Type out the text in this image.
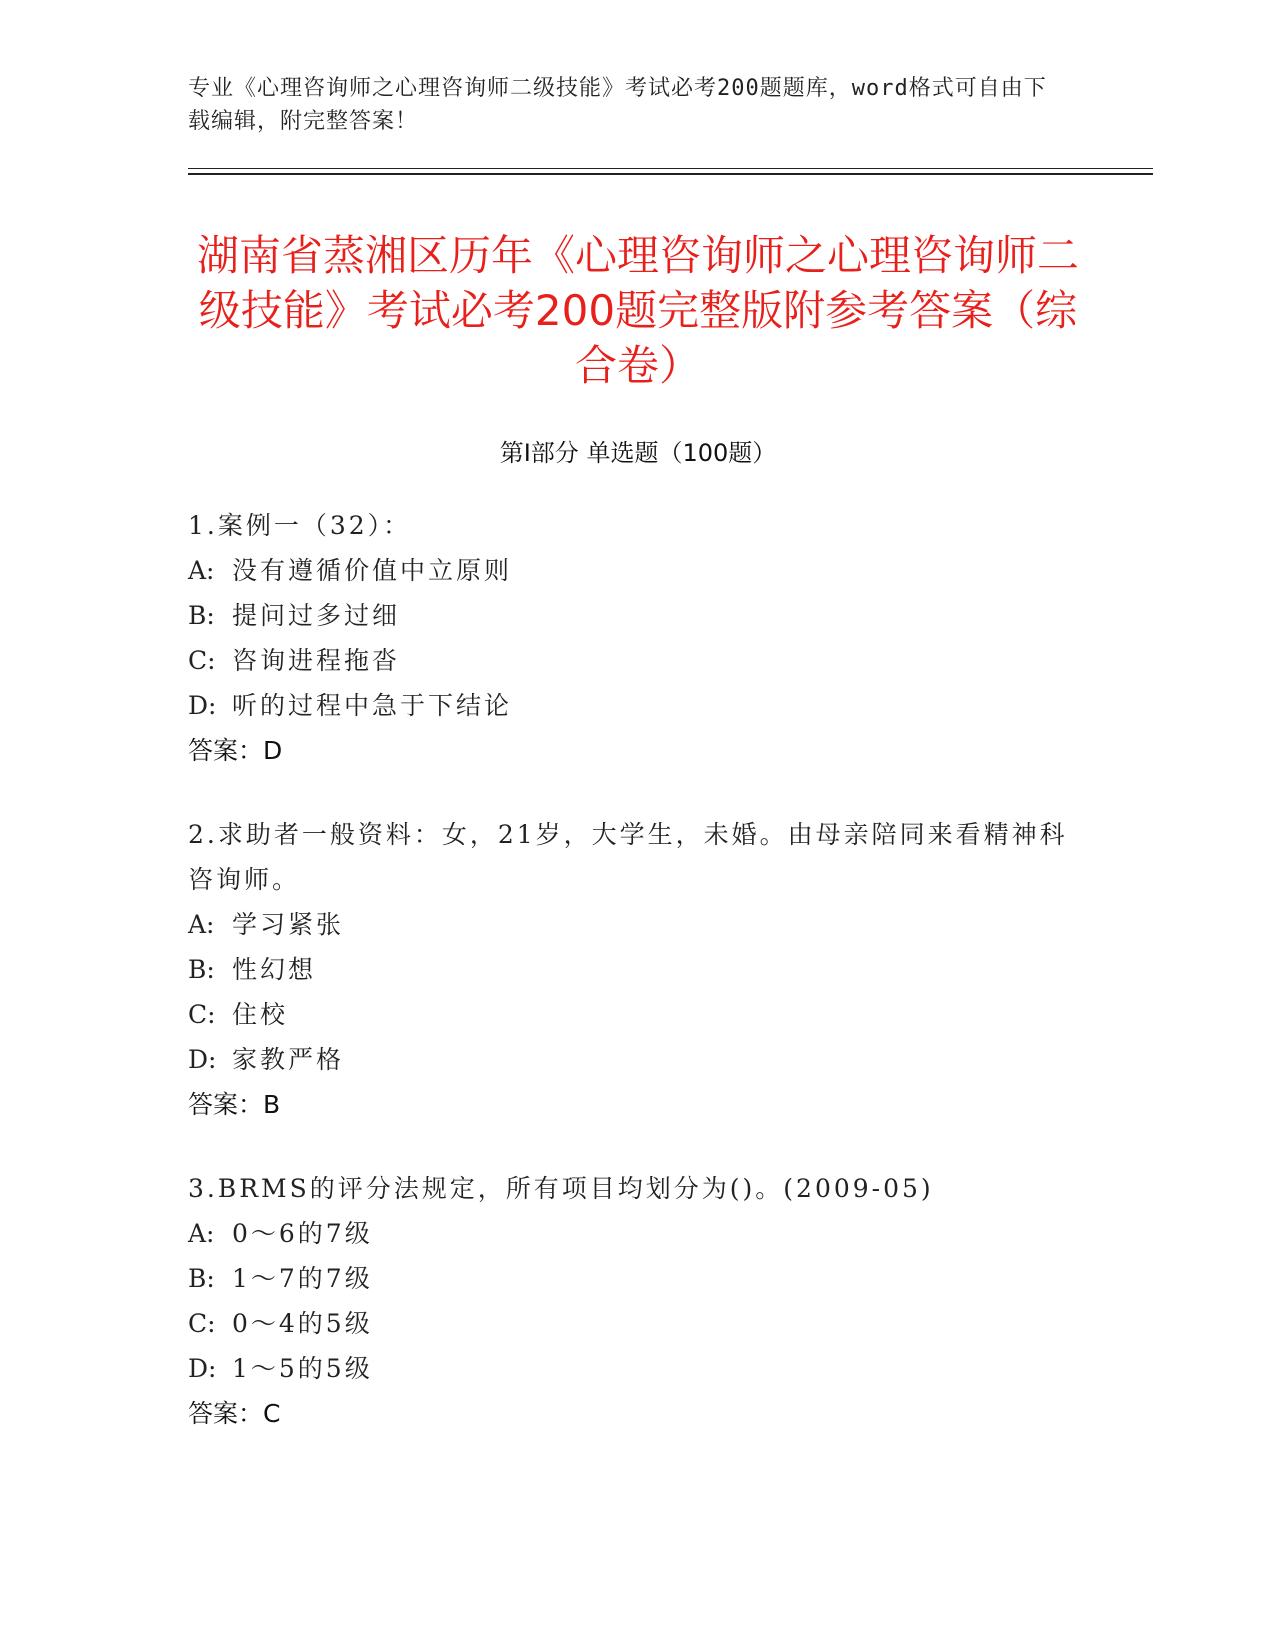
专业《心理咨询师之心理咨询师二级技能》考试必考200题题库，word格式可自由下载编辑，附完整答案！
湖南省蒸湘区历年《心理咨询师之心理咨询师二级技能》考试必考200题完整版附参考答案（综合卷）
第Ⅰ部分 单选题（100题）

1.案例一（32）：

A: 没有遵循价值中立原则

B: 提问过多过细

C: 咨询进程拖沓

D: 听的过程中急于下结论

答案：D

2.求助者一般资料：女，21岁，大学生，未婚。由母亲陪同来看精神科咨询师。

A: 学习紧张

B: 性幻想

C: 住校

D: 家教严格

答案：B

3.BRMS的评分法规定，所有项目均划分为()。(2009-05)

A: 0～6的7级

B: 1～7的7级

C: 0～4的5级

D: 1～5的5级

答案：C
